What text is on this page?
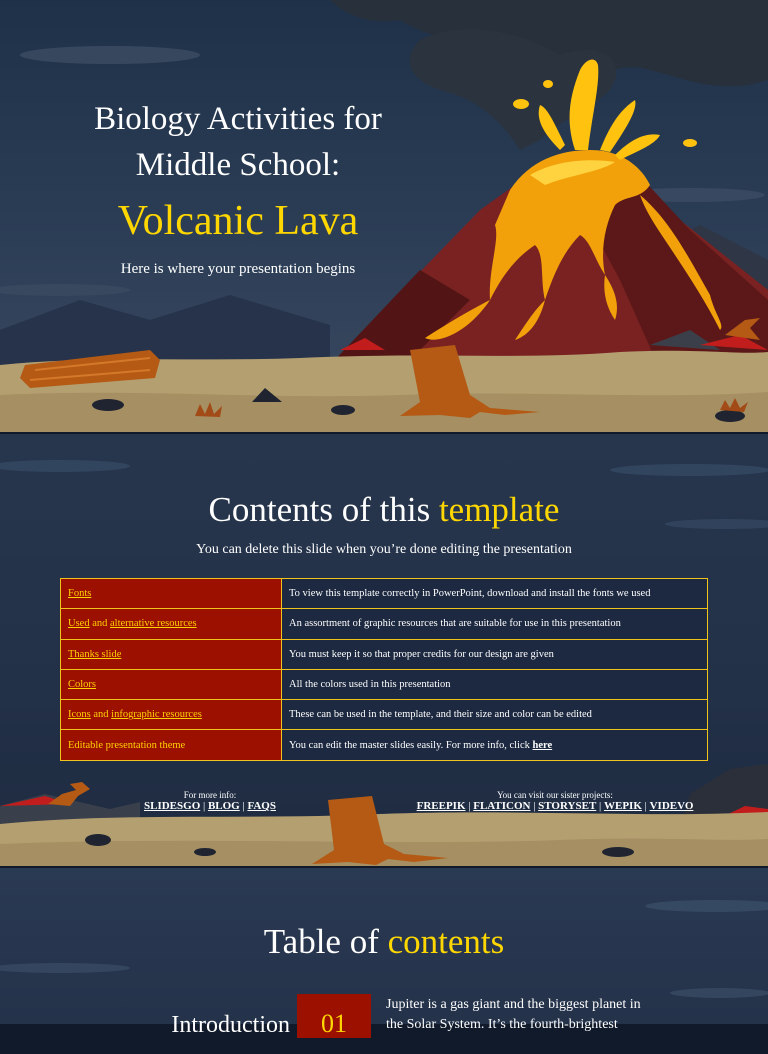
Biology Activities for
Middle School:
Volcanic Lava
Here is where your presentation begins
Contents of this template
You can delete this slide when you’re done editing the presentation
Fonts	To view this template correctly in PowerPoint, download and install the fonts we used
Used and alternative resources	An assortment of graphic resources that are suitable for use in this presentation
Thanks slide	You must keep it so that proper credits for our design are given
Colors	All the colors used in this presentation
Icons and infographic resources	These can be used in the template, and their size and color can be edited
Editable presentation theme	You can edit the master slides easily. For more info, click here
For more info:
SLIDESGO | BLOG | FAQS
You can visit our sister projects:
FREEPIK | FLATICON | STORYSET | WEPIK | VIDEVO
Table of contents
Introduction	01
Jupiter is a gas giant and the biggest planet in the Solar System. It’s the fourth-brightest
